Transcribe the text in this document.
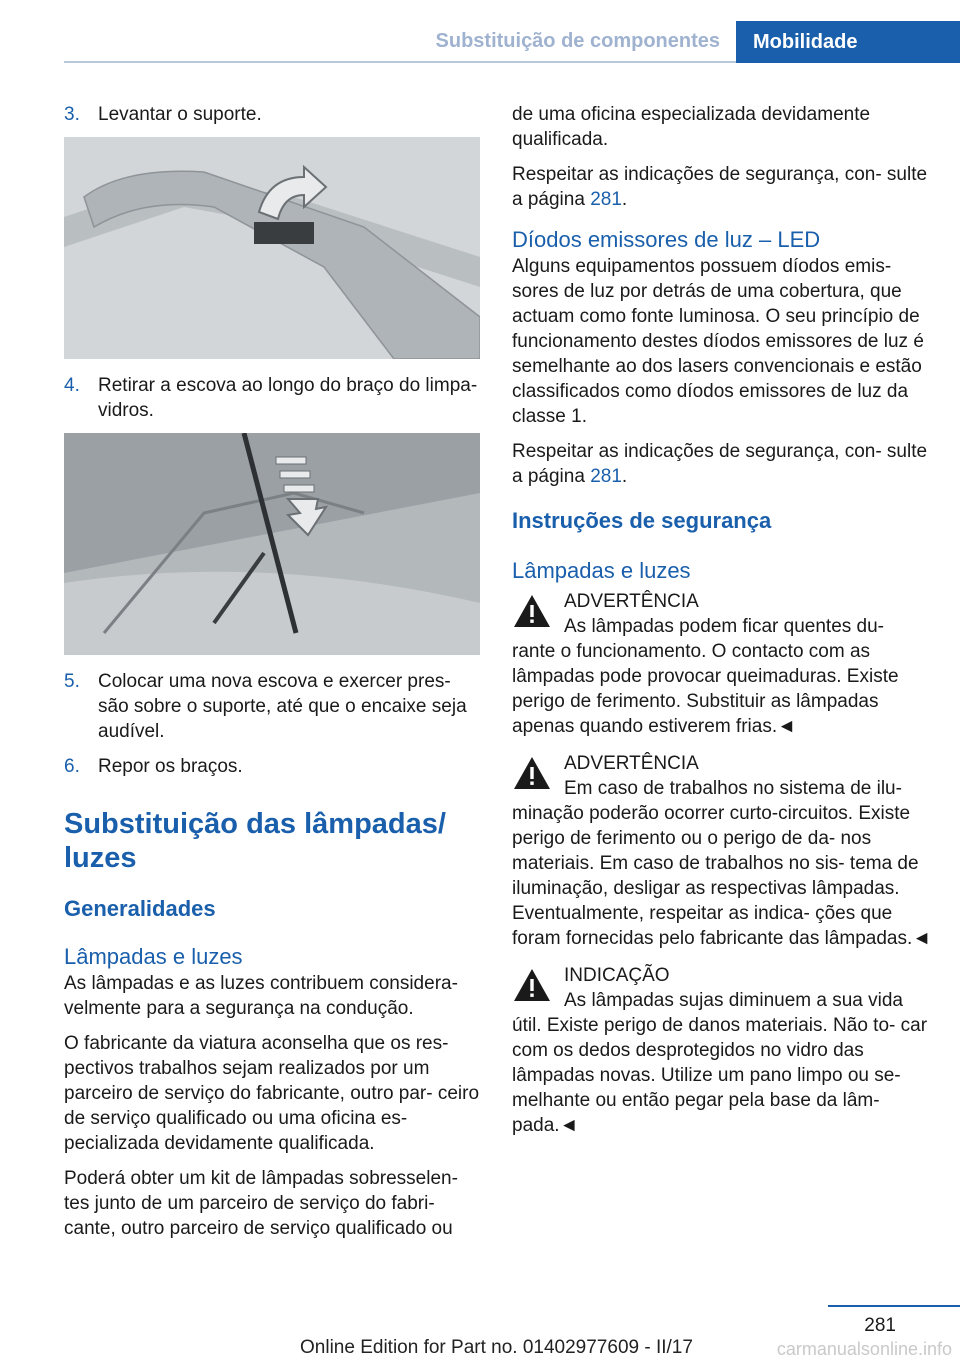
Substituição de componentes	Mobilidade
3. Levantar o suporte.
4. Retirar a escova ao longo do braço do limpa-vidros.
5. Colocar uma nova escova e exercer pres- são sobre o suporte, até que o encaixe seja audível.
6. Repor os braços.
Substituição das lâmpadas/ luzes
Generalidades
Lâmpadas e luzes

As lâmpadas e as luzes contribuem considera- velmente para a segurança na condução.

O fabricante da viatura aconselha que os res- pectivos trabalhos sejam realizados por um parceiro de serviço do fabricante, outro par- ceiro de serviço qualificado ou uma oficina es- pecializada devidamente qualificada.

Poderá obter um kit de lâmpadas sobresselen- tes junto de um parceiro de serviço do fabri- cante, outro parceiro de serviço qualificado ou

de uma oficina especializada devidamente qualificada.

Respeitar as indicações de segurança, con- sulte a página 281.

Díodos emissores de luz – LED

Alguns equipamentos possuem díodos emis- sores de luz por detrás de uma cobertura, que actuam como fonte luminosa. O seu princípio de funcionamento destes díodos emissores de luz é semelhante ao dos lasers convencionais e estão classificados como díodos emissores de luz da classe 1.

Respeitar as indicações de segurança, con- sulte a página 281.

Instruções de segurança
Lâmpadas e luzes
ADVERTÊNCIA
As lâmpadas podem ficar quentes du- rante o funcionamento. O contacto com as lâmpadas pode provocar queimaduras. Existe perigo de ferimento. Substituir as lâmpadas apenas quando estiverem frias.◄
ADVERTÊNCIA
Em caso de trabalhos no sistema de ilu- minação poderão ocorrer curto-circuitos. Existe perigo de ferimento ou o perigo de da- nos materiais. Em caso de trabalhos no sis- tema de iluminação, desligar as respectivas lâmpadas. Eventualmente, respeitar as indica- ções que foram fornecidas pelo fabricante das lâmpadas.◄
INDICAÇÃO
As lâmpadas sujas diminuem a sua vida útil. Existe perigo de danos materiais. Não to- car com os dedos desprotegidos no vidro das lâmpadas novas. Utilize um pano limpo ou se- melhante ou então pegar pela base da lâm- pada.◄
281
Online Edition for Part no. 01402977609 - II/17	carmanualsonline.info
